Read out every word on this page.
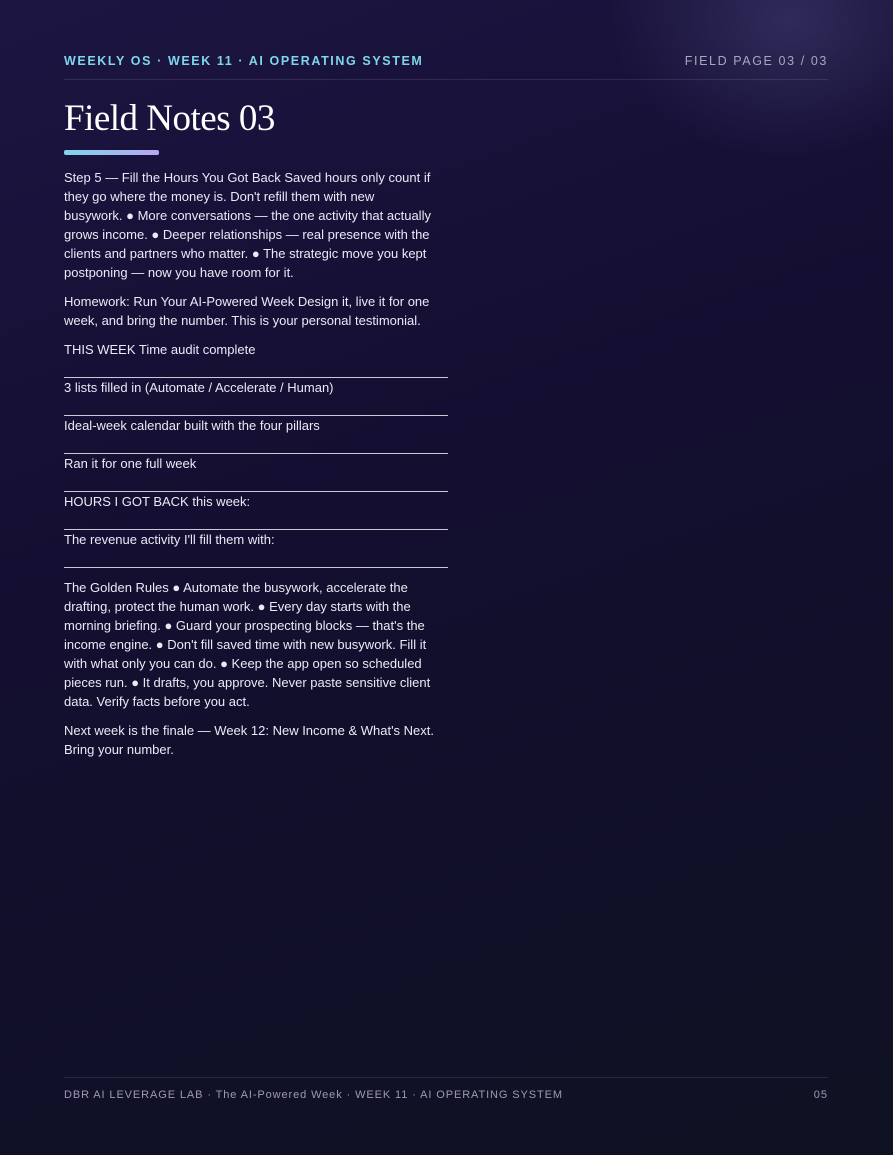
WEEKLY OS · WEEK 11 · AI OPERATING SYSTEM	FIELD PAGE 03 / 03
Field Notes 03

Step 5 — Fill the Hours You Got Back Saved hours only count if they go where the money is. Don't refill them with new busywork. ● More conversations — the one activity that actually grows income. ● Deeper relationships — real presence with the clients and partners who matter. ● The strategic move you kept postponing — now you have room for it.

Homework: Run Your AI-Powered Week Design it, live it for one week, and bring the number. This is your personal testimonial.

THIS WEEK Time audit complete
3 lists filled in (Automate / Accelerate / Human)
Ideal-week calendar built with the four pillars
Ran it for one full week
HOURS I GOT BACK this week:
The revenue activity I'll fill them with:

The Golden Rules ● Automate the busywork, accelerate the drafting, protect the human work. ● Every day starts with the morning briefing. ● Guard your prospecting blocks — that's the income engine. ● Don't fill saved time with new busywork. Fill it with what only you can do. ● Keep the app open so scheduled pieces run. ● It drafts, you approve. Never paste sensitive client data. Verify facts before you act.

Next week is the finale — Week 12: New Income & What's Next. Bring your number.

DBR AI LEVERAGE LAB · The AI-Powered Week · WEEK 11 · AI OPERATING SYSTEM	05
